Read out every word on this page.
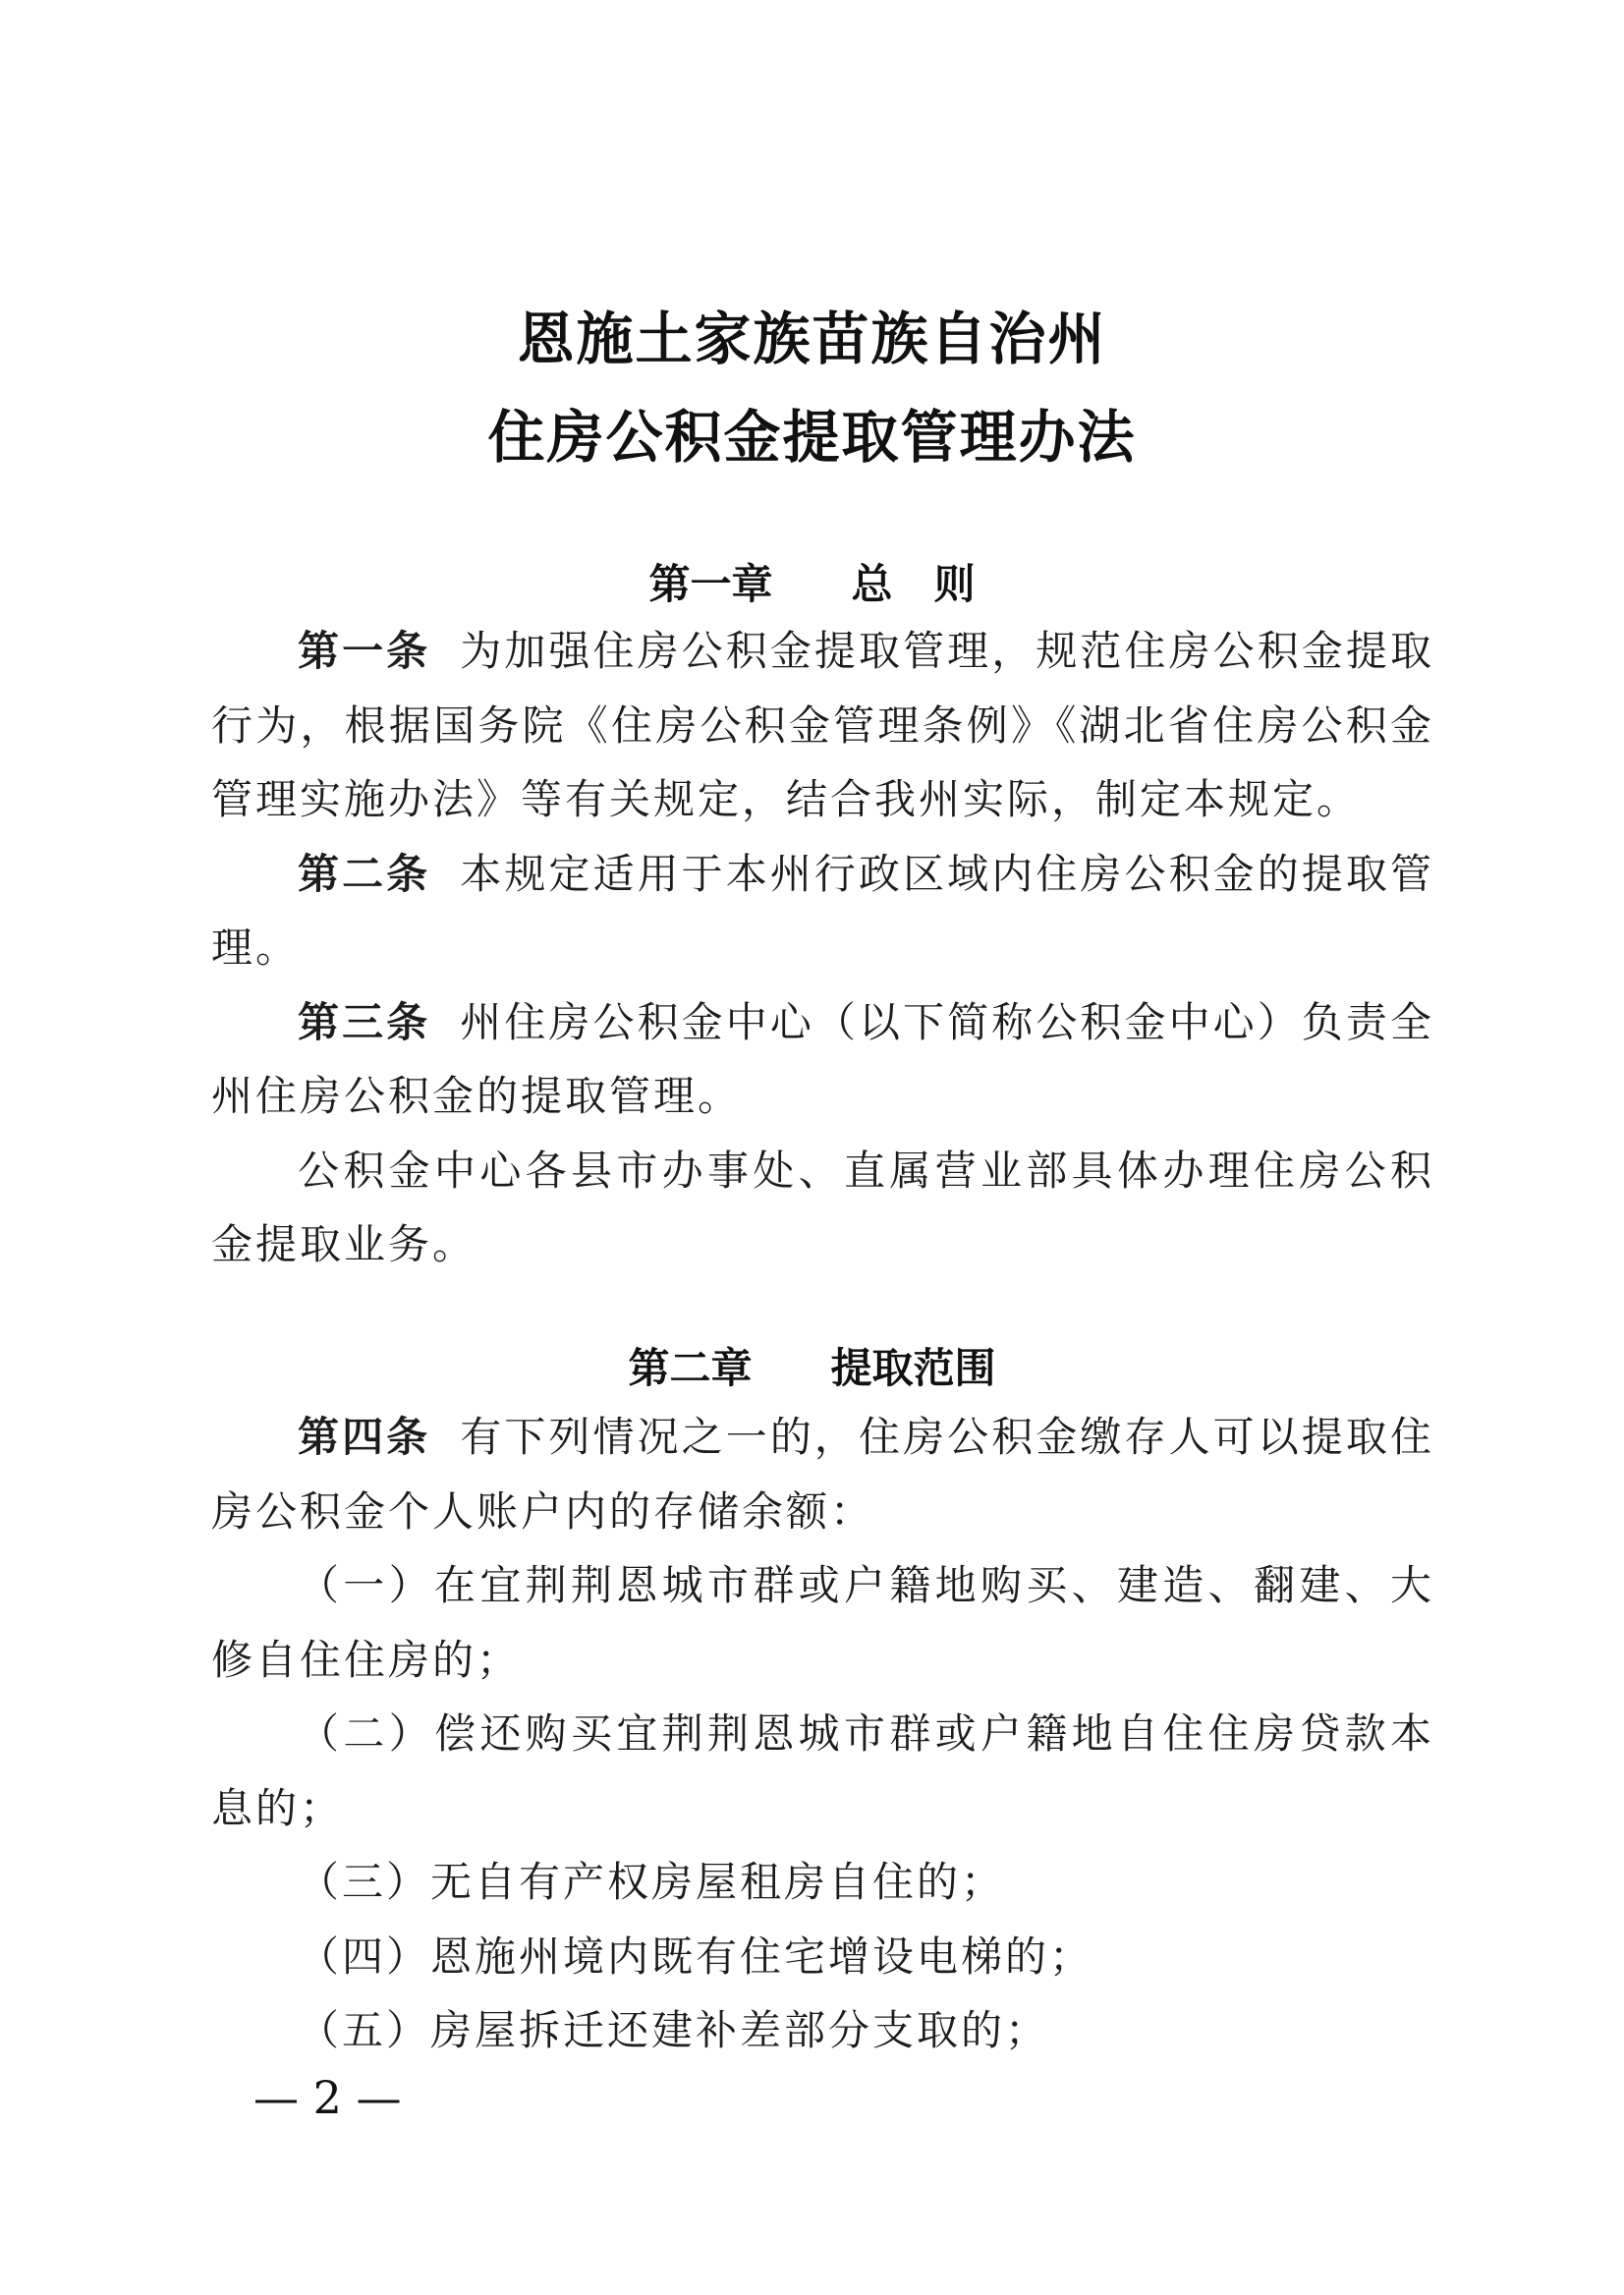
恩施土家族苗族自治州
住房公积金提取管理办法
第一章 总　则

第一条 为加强住房公积金提取管理，规范住房公积金提取行为，根据国务院《住房公积金管理条例》《湖北省住房公积金管理实施办法》等有关规定，结合我州实际，制定本规定。

第二条 本规定适用于本州行政区域内住房公积金的提取管理。

第三条 州住房公积金中心（以下简称公积金中心）负责全州住房公积金的提取管理。

公积金中心各县市办事处、直属营业部具体办理住房公积金提取业务。

第二章 提取范围

第四条 有下列情况之一的，住房公积金缴存人可以提取住房公积金个人账户内的存储余额：

（一）在宜荆荆恩城市群或户籍地购买、建造、翻建、大修自住住房的；

（二）偿还购买宜荆荆恩城市群或户籍地自住住房贷款本息的；

（三）无自有产权房屋租房自住的；

（四）恩施州境内既有住宅增设电梯的；

（五）房屋拆迁还建补差部分支取的；

— 2 —
